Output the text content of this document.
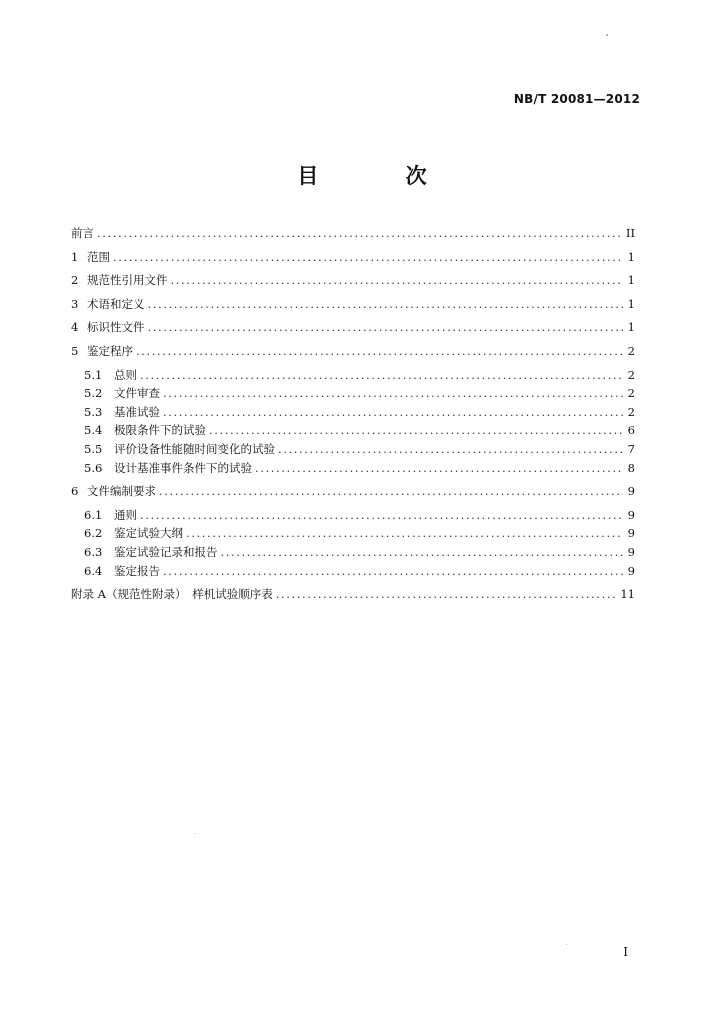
NB/T 20081—2012
目 次
前言 .....	II
1 范围 .....	1
2 规范性引用文件 .....	1
3 术语和定义 .....	1
4 标识性文件 .....	1
5 鉴定程序 .....	2
5.1	总则 .....	2
5.2	文件审查 .....	2
5.3	基准试验 .....	2
5.4	极限条件下的试验 .....	6
5.5	评价设备性能随时间变化的试验 .....	7
5.6	设计基准事件条件下的试验 .....	8
6 文件编制要求 .....	9
6.1	通则 .....	9
6.2	鉴定试验大纲 .....	9
6.3	鉴定试验记录和报告 .....	9
6.4	鉴定报告 .....	9
附录 A（规范性附录）　样机试验顺序表 .....	11
I
